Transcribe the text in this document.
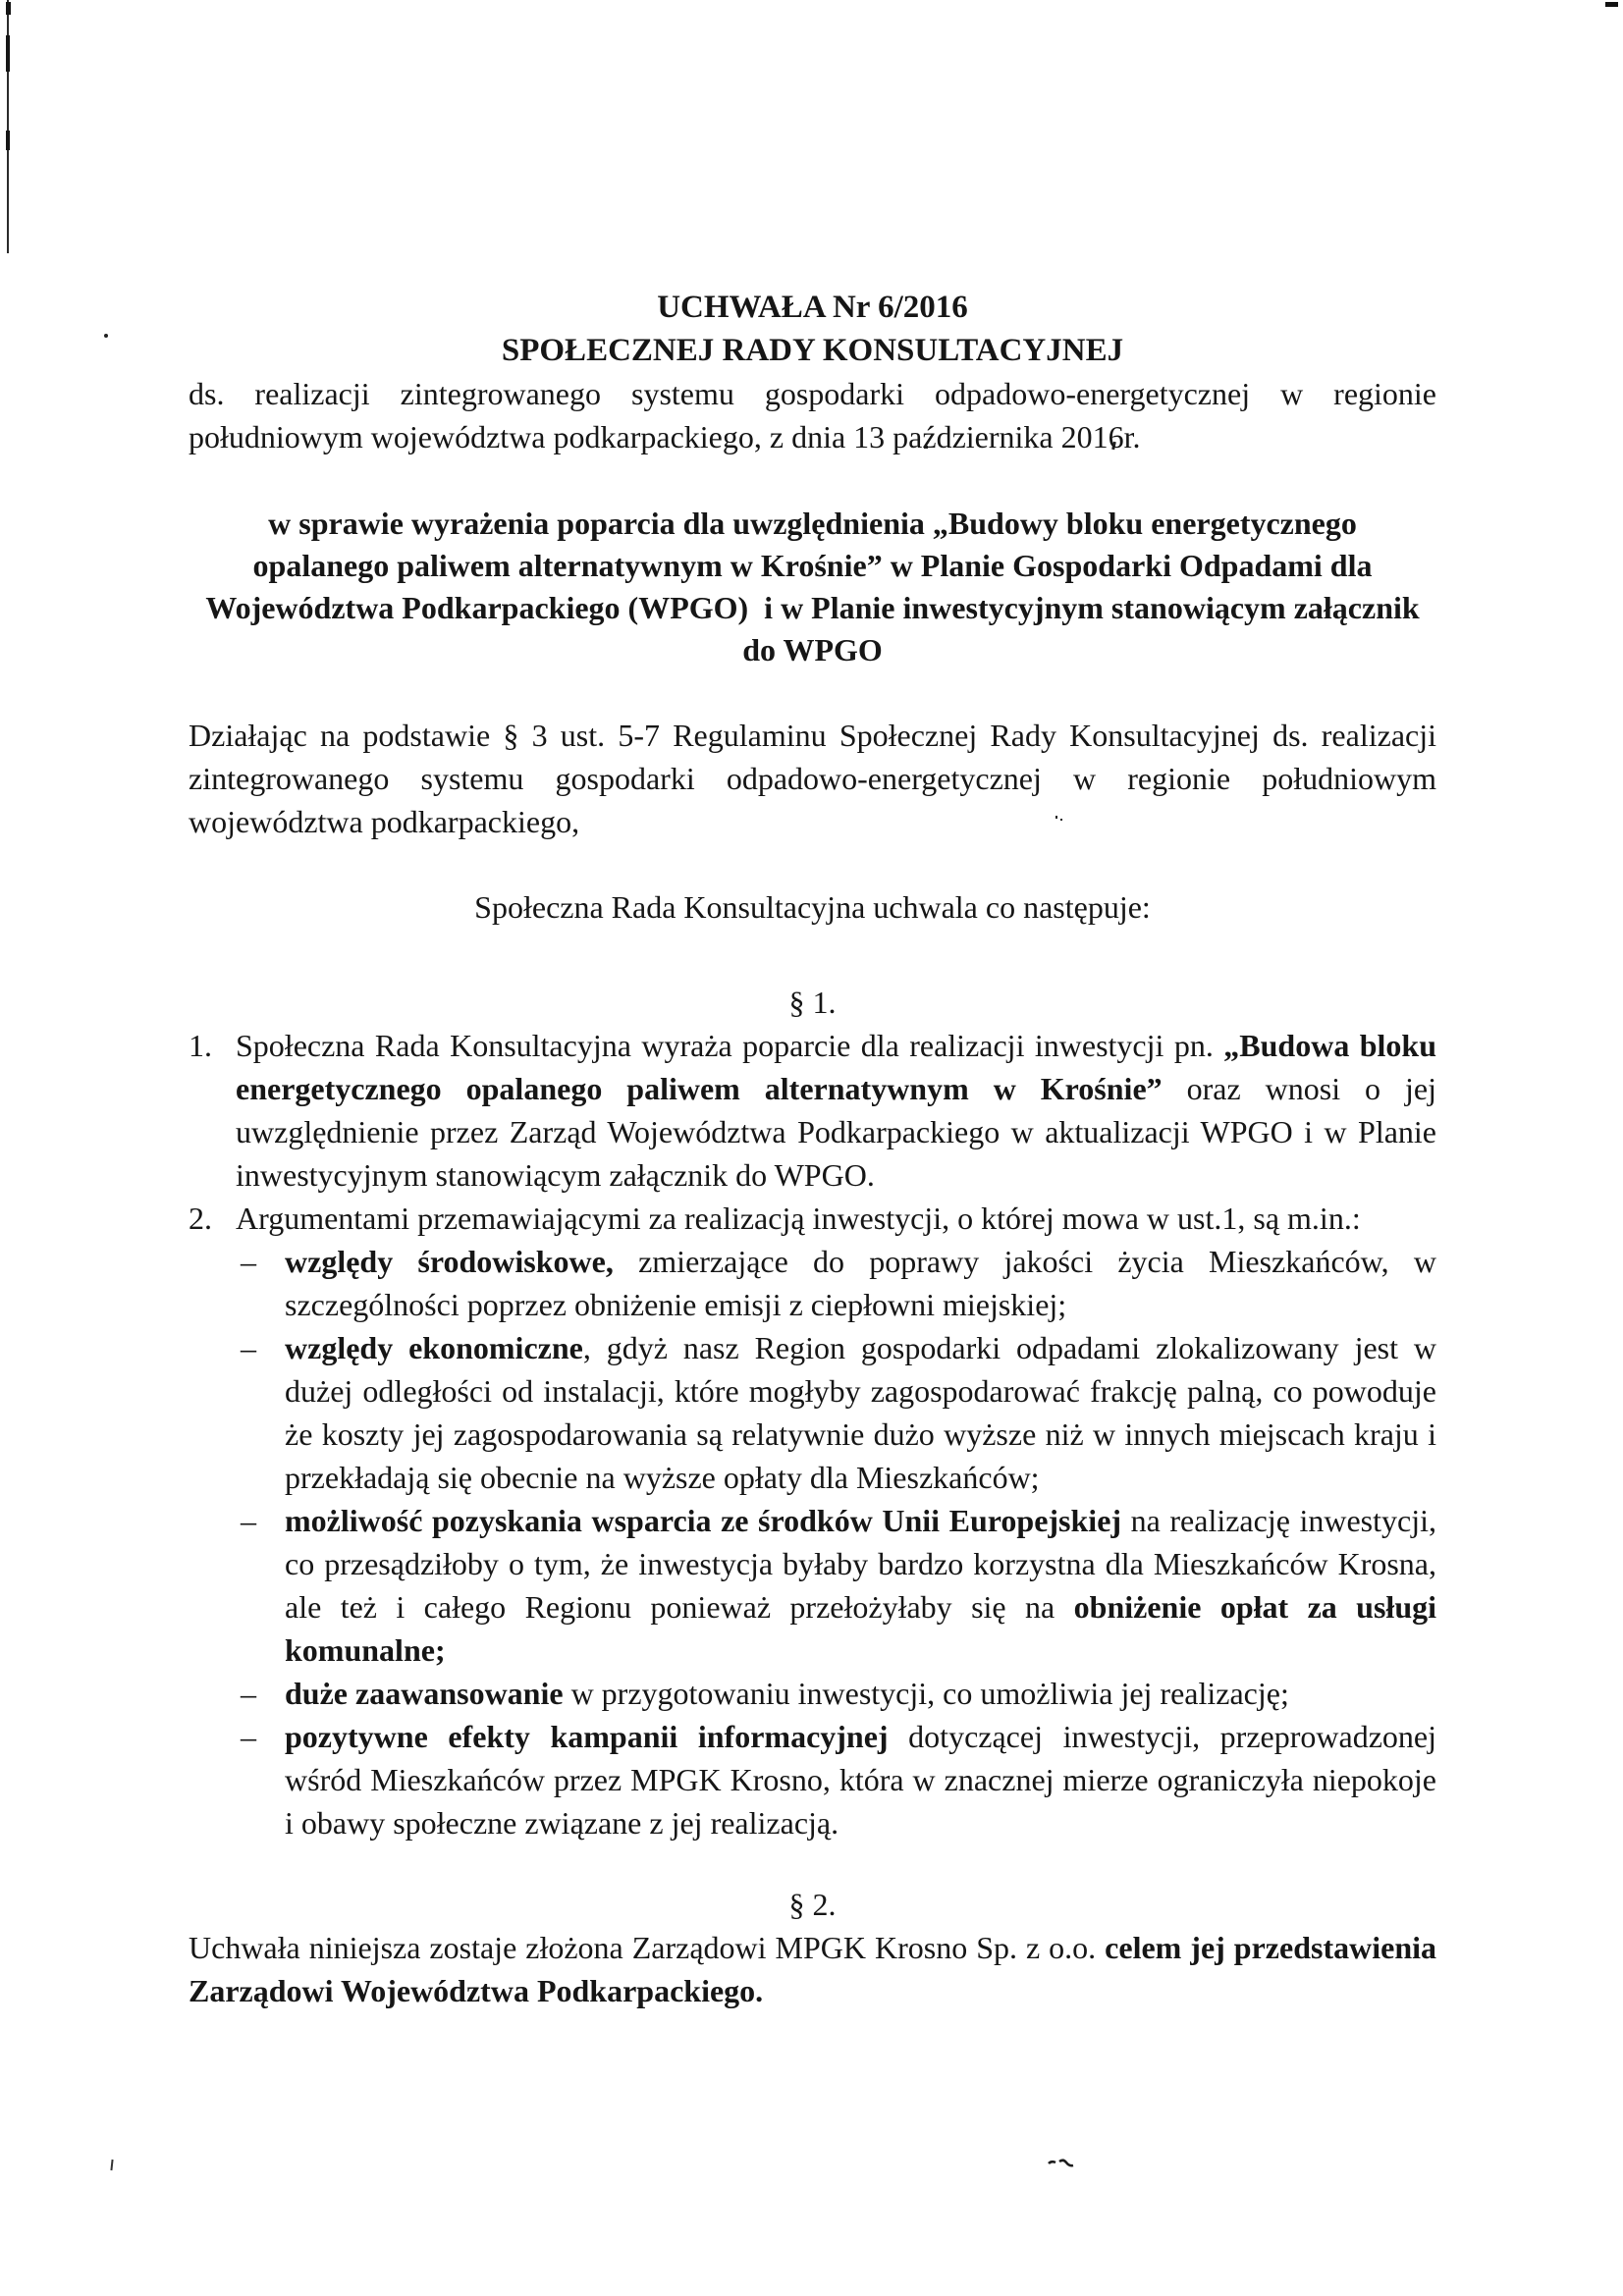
UCHWAŁA Nr 6/2016
SPOŁECZNEJ RADY KONSULTACYJNEJ

ds. realizacji zintegrowanego systemu gospodarki odpadowo-energetycznej w regionie południowym województwa podkarpackiego, z dnia 13 października 2016r.

w sprawie wyrażenia poparcia dla uwzględnienia „Budowy bloku energetycznego
opalanego paliwem alternatywnym w Krośnie” w Planie Gospodarki Odpadami dla
Województwa Podkarpackiego (WPGO)  i w Planie inwestycyjnym stanowiącym załącznik
do WPGO

Działając na podstawie § 3 ust. 5-7 Regulaminu Społecznej Rady Konsultacyjnej ds. realizacji zintegrowanego systemu gospodarki odpadowo-energetycznej w regionie południowym województwa podkarpackiego,

Społeczna Rada Konsultacyjna uchwala co następuje:

§ 1.
1. Społeczna Rada Konsultacyjna wyraża poparcie dla realizacji inwestycji pn. „Budowa bloku energetycznego opalanego paliwem alternatywnym w Krośnie” oraz wnosi o jej uwzględnienie przez Zarząd Województwa Podkarpackiego w aktualizacji WPGO i w Planie inwestycyjnym stanowiącym załącznik do WPGO.
2. Argumentami przemawiającymi za realizacją inwestycji, o której mowa w ust.1, są m.in.:
– względy środowiskowe, zmierzające do poprawy jakości życia Mieszkańców, w szczególności poprzez obniżenie emisji z ciepłowni miejskiej;
– względy ekonomiczne, gdyż nasz Region gospodarki odpadami zlokalizowany jest w dużej odległości od instalacji, które mogłyby zagospodarować frakcję palną, co powoduje że koszty jej zagospodarowania są relatywnie dużo wyższe niż w innych miejscach kraju i przekładają się obecnie na wyższe opłaty dla Mieszkańców;
– możliwość pozyskania wsparcia ze środków Unii Europejskiej na realizację inwestycji, co przesądziłoby o tym, że inwestycja byłaby bardzo korzystna dla Mieszkańców Krosna, ale też i całego Regionu ponieważ przełożyłaby się na obniżenie opłat za usługi komunalne;
– duże zaawansowanie w przygotowaniu inwestycji, co umożliwia jej realizację;
– pozytywne efekty kampanii informacyjnej dotyczącej inwestycji, przeprowadzonej wśród Mieszkańców przez MPGK Krosno, która w znacznej mierze ograniczyła niepokoje i obawy społeczne związane z jej realizacją.
§ 2.

Uchwała niniejsza zostaje złożona Zarządowi MPGK Krosno Sp. z o.o. celem jej przedstawienia Zarządowi Województwa Podkarpackiego.
